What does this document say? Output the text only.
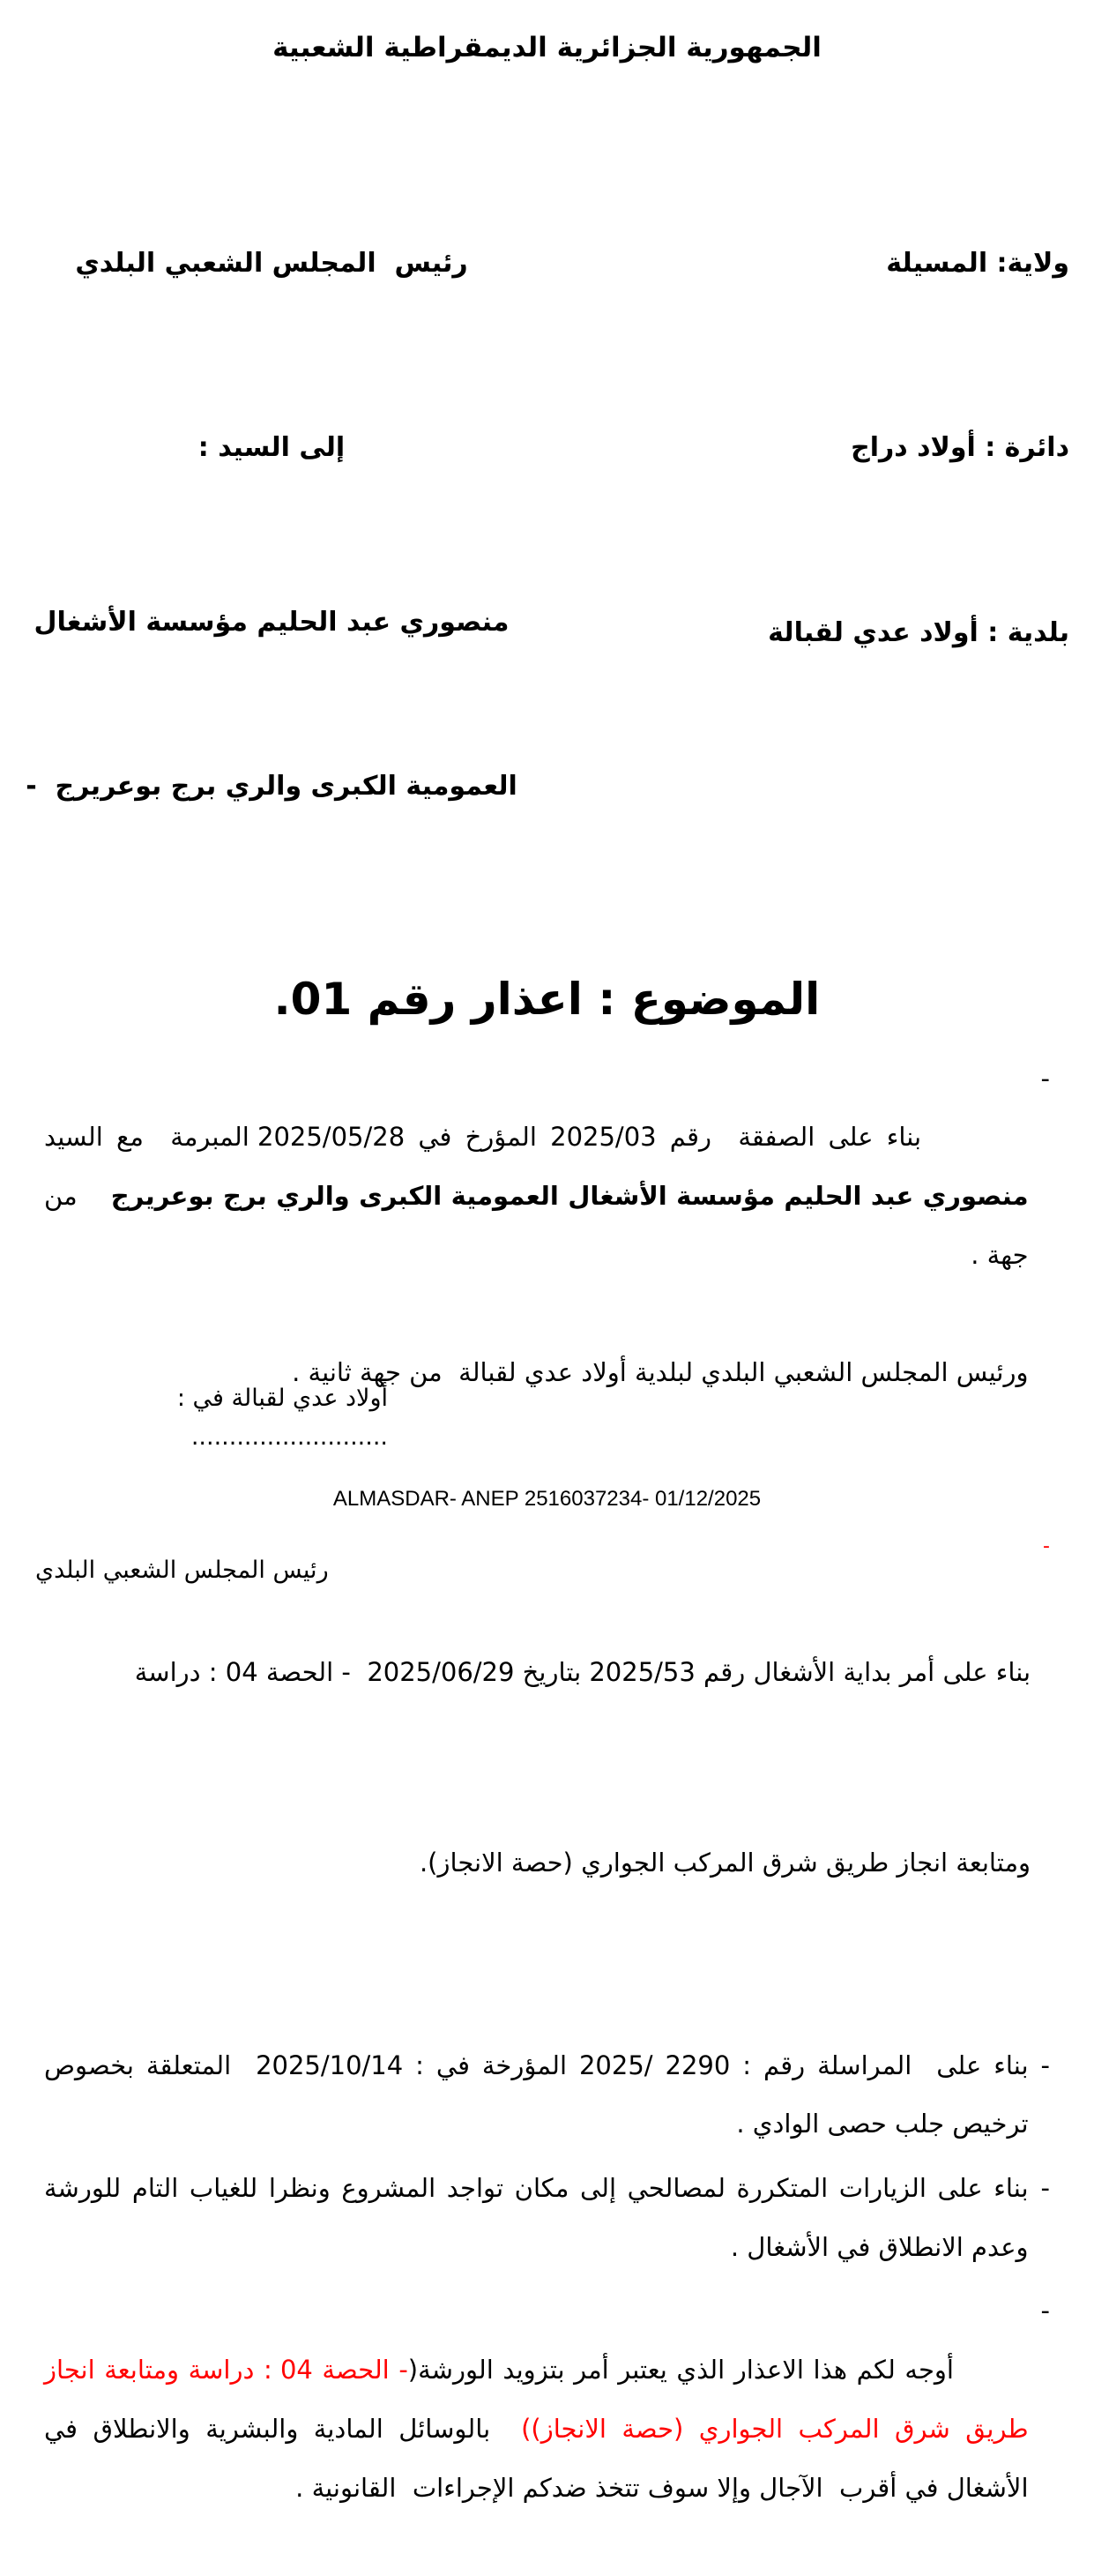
الجمهورية الجزائرية الديمقراطية الشعبية

ولاية: المسيلة

دائرة : أولاد دراج

بلدية : أولاد عدي لقبالة

رئيس  المجلس الشعبي البلدي

إلى السيد :

منصوري عبد الحليم مؤسسة الأشغال

العمومية الكبرى والري برج بوعريرج  -

الموضوع : اعذار رقم 01.
-

بناء على الصفقة  رقم 2025/03 المؤرخ في 2025/05/28 المبرمة  مع السيد منصوري عبد الحليم مؤسسة الأشغال العمومية الكبرى والري برج بوعريرج    من جهة .

ورئيس المجلس الشعبي البلدي لبلدية أولاد عدي لقبالة  من جهة ثانية .

-

بناء على أمر بداية الأشغال رقم 2025/53 بتاريخ 2025/06/29  - الحصة 04 : دراسة

ومتابعة انجاز طريق شرق المركب الجواري (حصة الانجاز).

-
بناء على  المراسلة رقم : 2290 /2025 المؤرخة في : 2025/10/14  المتعلقة بخصوص ترخيص جلب حصى الوادي .
-
بناء على الزيارات المتكررة لمصالحي إلى مكان تواجد المشروع ونظرا للغياب التام للورشة وعدم الانطلاق في الأشغال .
-

أوجه لكم هذا الاعذار الذي يعتبر أمر بتزويد الورشة(- الحصة 04 : دراسة ومتابعة انجاز طريق شرق المركب الجواري (حصة الانجاز))  بالوسائل المادية والبشرية والانطلاق في الأشغال في أقرب  الآجال وإلا سوف تتخذ ضدكم الإجراءات  القانونية .

أولاد عدي لقبالة في : ..........................

رئيس المجلس الشعبي البلدي

ALMASDAR- ANEP 2516037234- 01/12/2025
